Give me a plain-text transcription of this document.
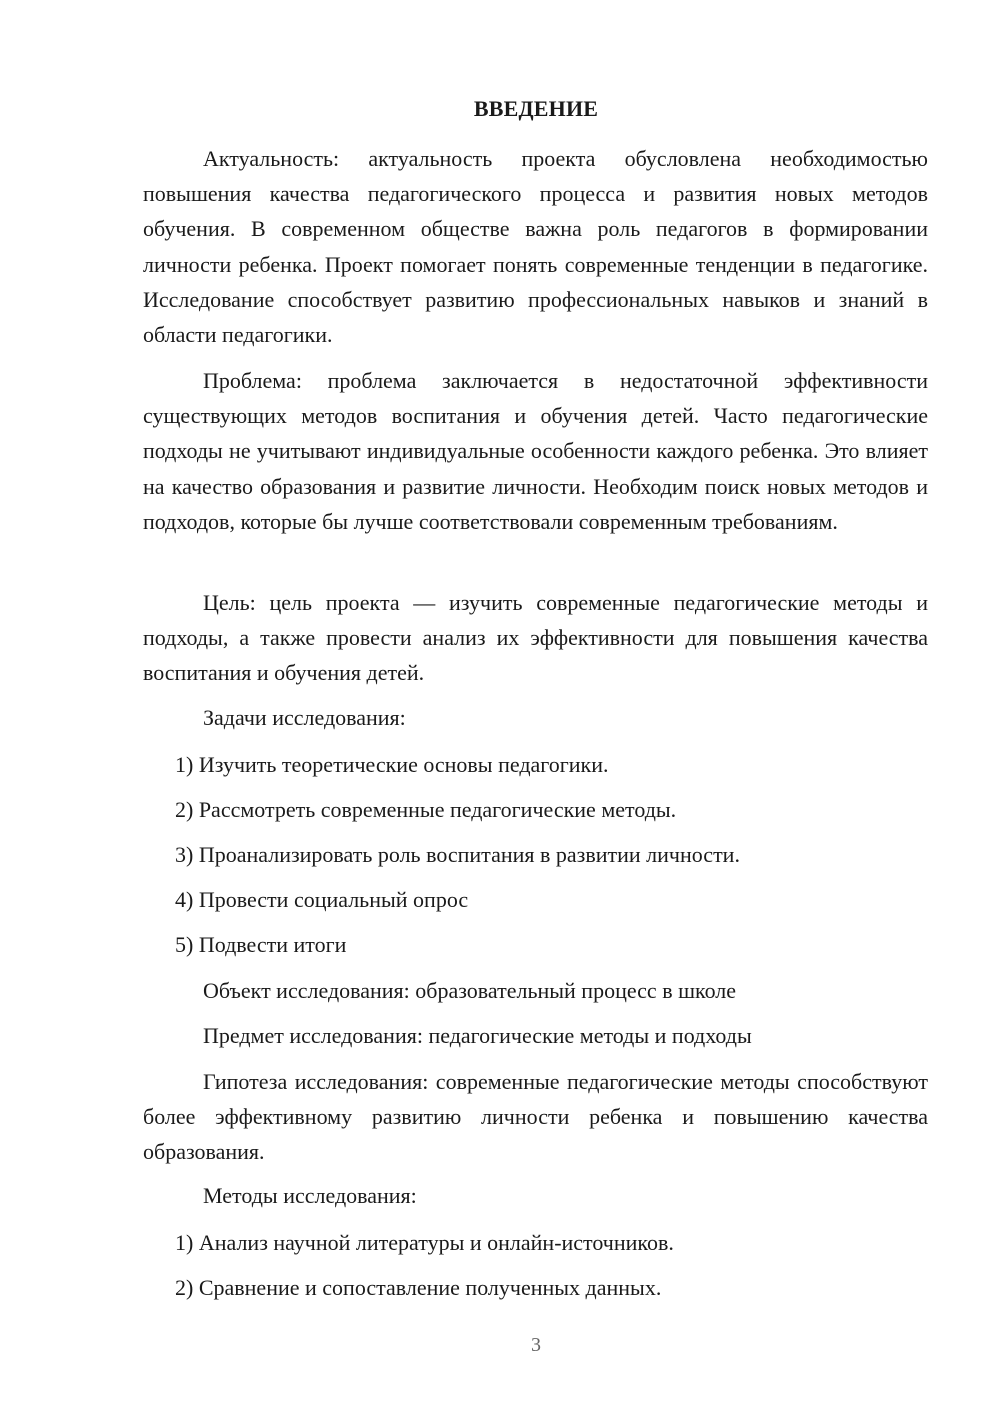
ВВЕДЕНИЕ

Актуальность: актуальность проекта обусловлена необходимостью повышения качества педагогического процесса и развития новых методов обучения. В современном обществе важна роль педагогов в формировании личности ребенка. Проект помогает понять современные тенденции в педагогике. Исследование способствует развитию профессиональных навыков и знаний в области педагогики.

Проблема: проблема заключается в недостаточной эффективности существующих методов воспитания и обучения детей. Часто педагогические подходы не учитывают индивидуальные особенности каждого ребенка. Это влияет на качество образования и развитие личности. Необходим поиск новых методов и подходов, которые бы лучше соответствовали современным требованиям.

Цель: цель проекта — изучить современные педагогические методы и подходы, а также провести анализ их эффективности для повышения качества воспитания и обучения детей.

Задачи исследования:

1) Изучить теоретические основы педагогики.

2) Рассмотреть современные педагогические методы.

3) Проанализировать роль воспитания в развитии личности.

4) Провести социальный опрос

5) Подвести итоги

Объект исследования: образовательный процесс в школе

Предмет исследования: педагогические методы и подходы

Гипотеза исследования: современные педагогические методы способствуют более эффективному развитию личности ребенка и повышению качества образования.

Методы исследования:

1) Анализ научной литературы и онлайн-источников.

2) Сравнение и сопоставление полученных данных.

3
